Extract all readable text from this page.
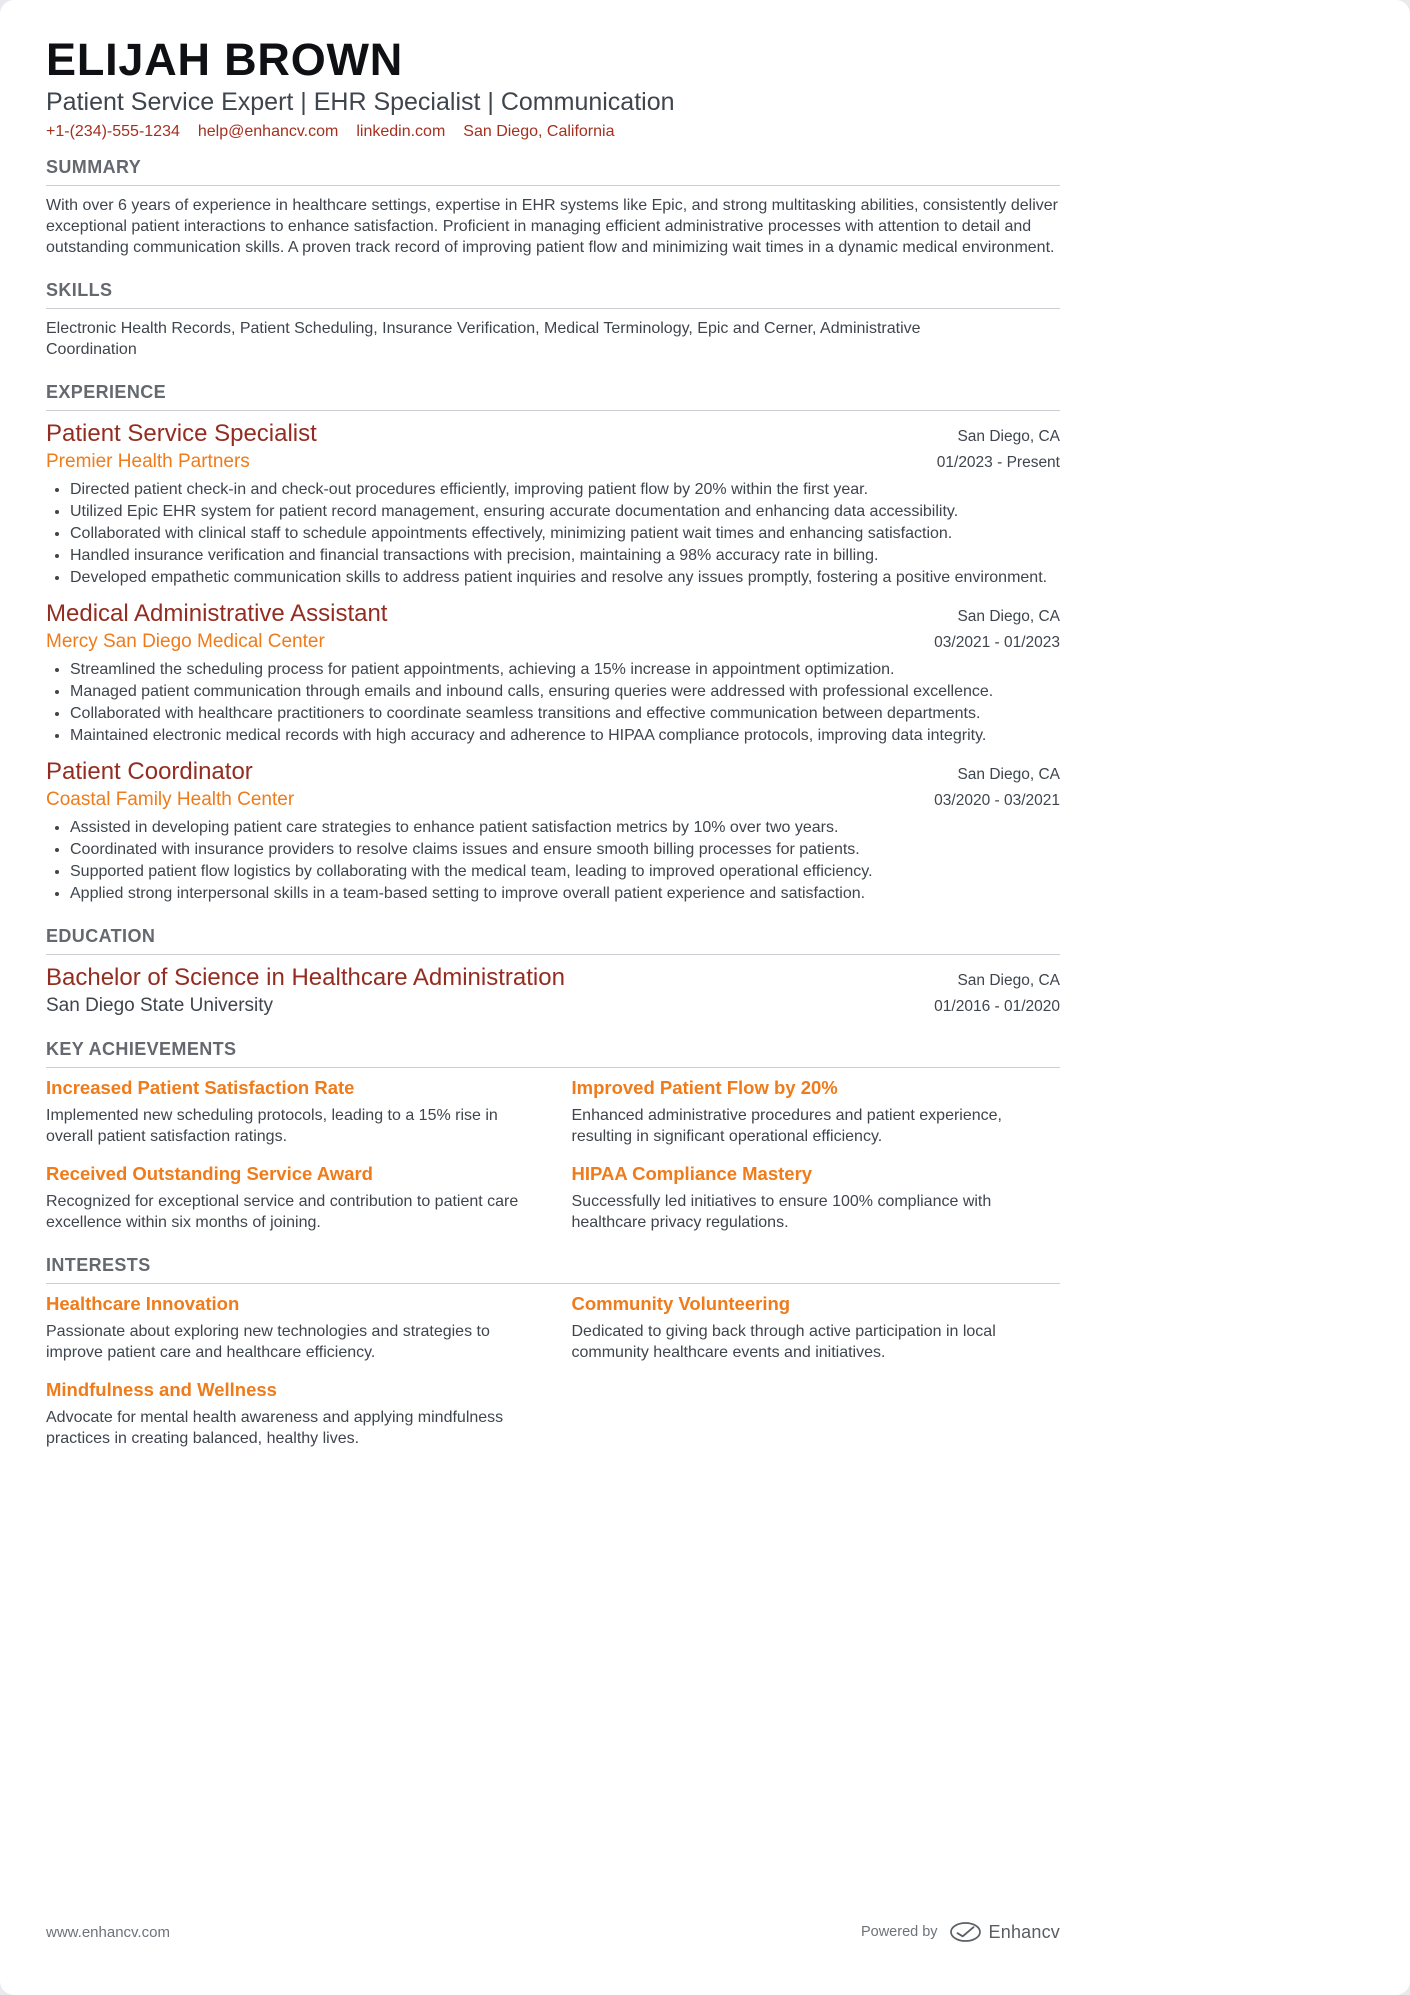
ELIJAH BROWN
Patient Service Expert | EHR Specialist | Communication
+1-(234)-555-1234 help@enhancv.com linkedin.com San Diego, California
SUMMARY

With over 6 years of experience in healthcare settings, expertise in EHR systems like Epic, and strong multitasking abilities, consistently deliver exceptional patient interactions to enhance satisfaction. Proficient in managing efficient administrative processes with attention to detail and outstanding communication skills. A proven track record of improving patient flow and minimizing wait times in a dynamic medical environment.

SKILLS

Electronic Health Records, Patient Scheduling, Insurance Verification, Medical Terminology, Epic and Cerner, Administrative Coordination

EXPERIENCE
Patient Service Specialist	San Diego, CA
Premier Health Partners	01/2023 - Present
• Directed patient check-in and check-out procedures efficiently, improving patient flow by 20% within the first year.
• Utilized Epic EHR system for patient record management, ensuring accurate documentation and enhancing data accessibility.
• Collaborated with clinical staff to schedule appointments effectively, minimizing patient wait times and enhancing satisfaction.
• Handled insurance verification and financial transactions with precision, maintaining a 98% accuracy rate in billing.
• Developed empathetic communication skills to address patient inquiries and resolve any issues promptly, fostering a positive environment.
Medical Administrative Assistant	San Diego, CA
Mercy San Diego Medical Center	03/2021 - 01/2023
• Streamlined the scheduling process for patient appointments, achieving a 15% increase in appointment optimization.
• Managed patient communication through emails and inbound calls, ensuring queries were addressed with professional excellence.
• Collaborated with healthcare practitioners to coordinate seamless transitions and effective communication between departments.
• Maintained electronic medical records with high accuracy and adherence to HIPAA compliance protocols, improving data integrity.
Patient Coordinator	San Diego, CA
Coastal Family Health Center	03/2020 - 03/2021
• Assisted in developing patient care strategies to enhance patient satisfaction metrics by 10% over two years.
• Coordinated with insurance providers to resolve claims issues and ensure smooth billing processes for patients.
• Supported patient flow logistics by collaborating with the medical team, leading to improved operational efficiency.
• Applied strong interpersonal skills in a team-based setting to improve overall patient experience and satisfaction.
EDUCATION
Bachelor of Science in Healthcare Administration	San Diego, CA
San Diego State University	01/2016 - 01/2020
KEY ACHIEVEMENTS
Increased Patient Satisfaction Rate

Implemented new scheduling protocols, leading to a 15% rise in overall patient satisfaction ratings.

Improved Patient Flow by 20%

Enhanced administrative procedures and patient experience, resulting in significant operational efficiency.

Received Outstanding Service Award

Recognized for exceptional service and contribution to patient care excellence within six months of joining.

HIPAA Compliance Mastery

Successfully led initiatives to ensure 100% compliance with healthcare privacy regulations.

INTERESTS
Healthcare Innovation

Passionate about exploring new technologies and strategies to improve patient care and healthcare efficiency.

Community Volunteering

Dedicated to giving back through active participation in local community healthcare events and initiatives.

Mindfulness and Wellness

Advocate for mental health awareness and applying mindfulness practices in creating balanced, healthy lives.

www.enhancv.com	Powered by	Enhancv
